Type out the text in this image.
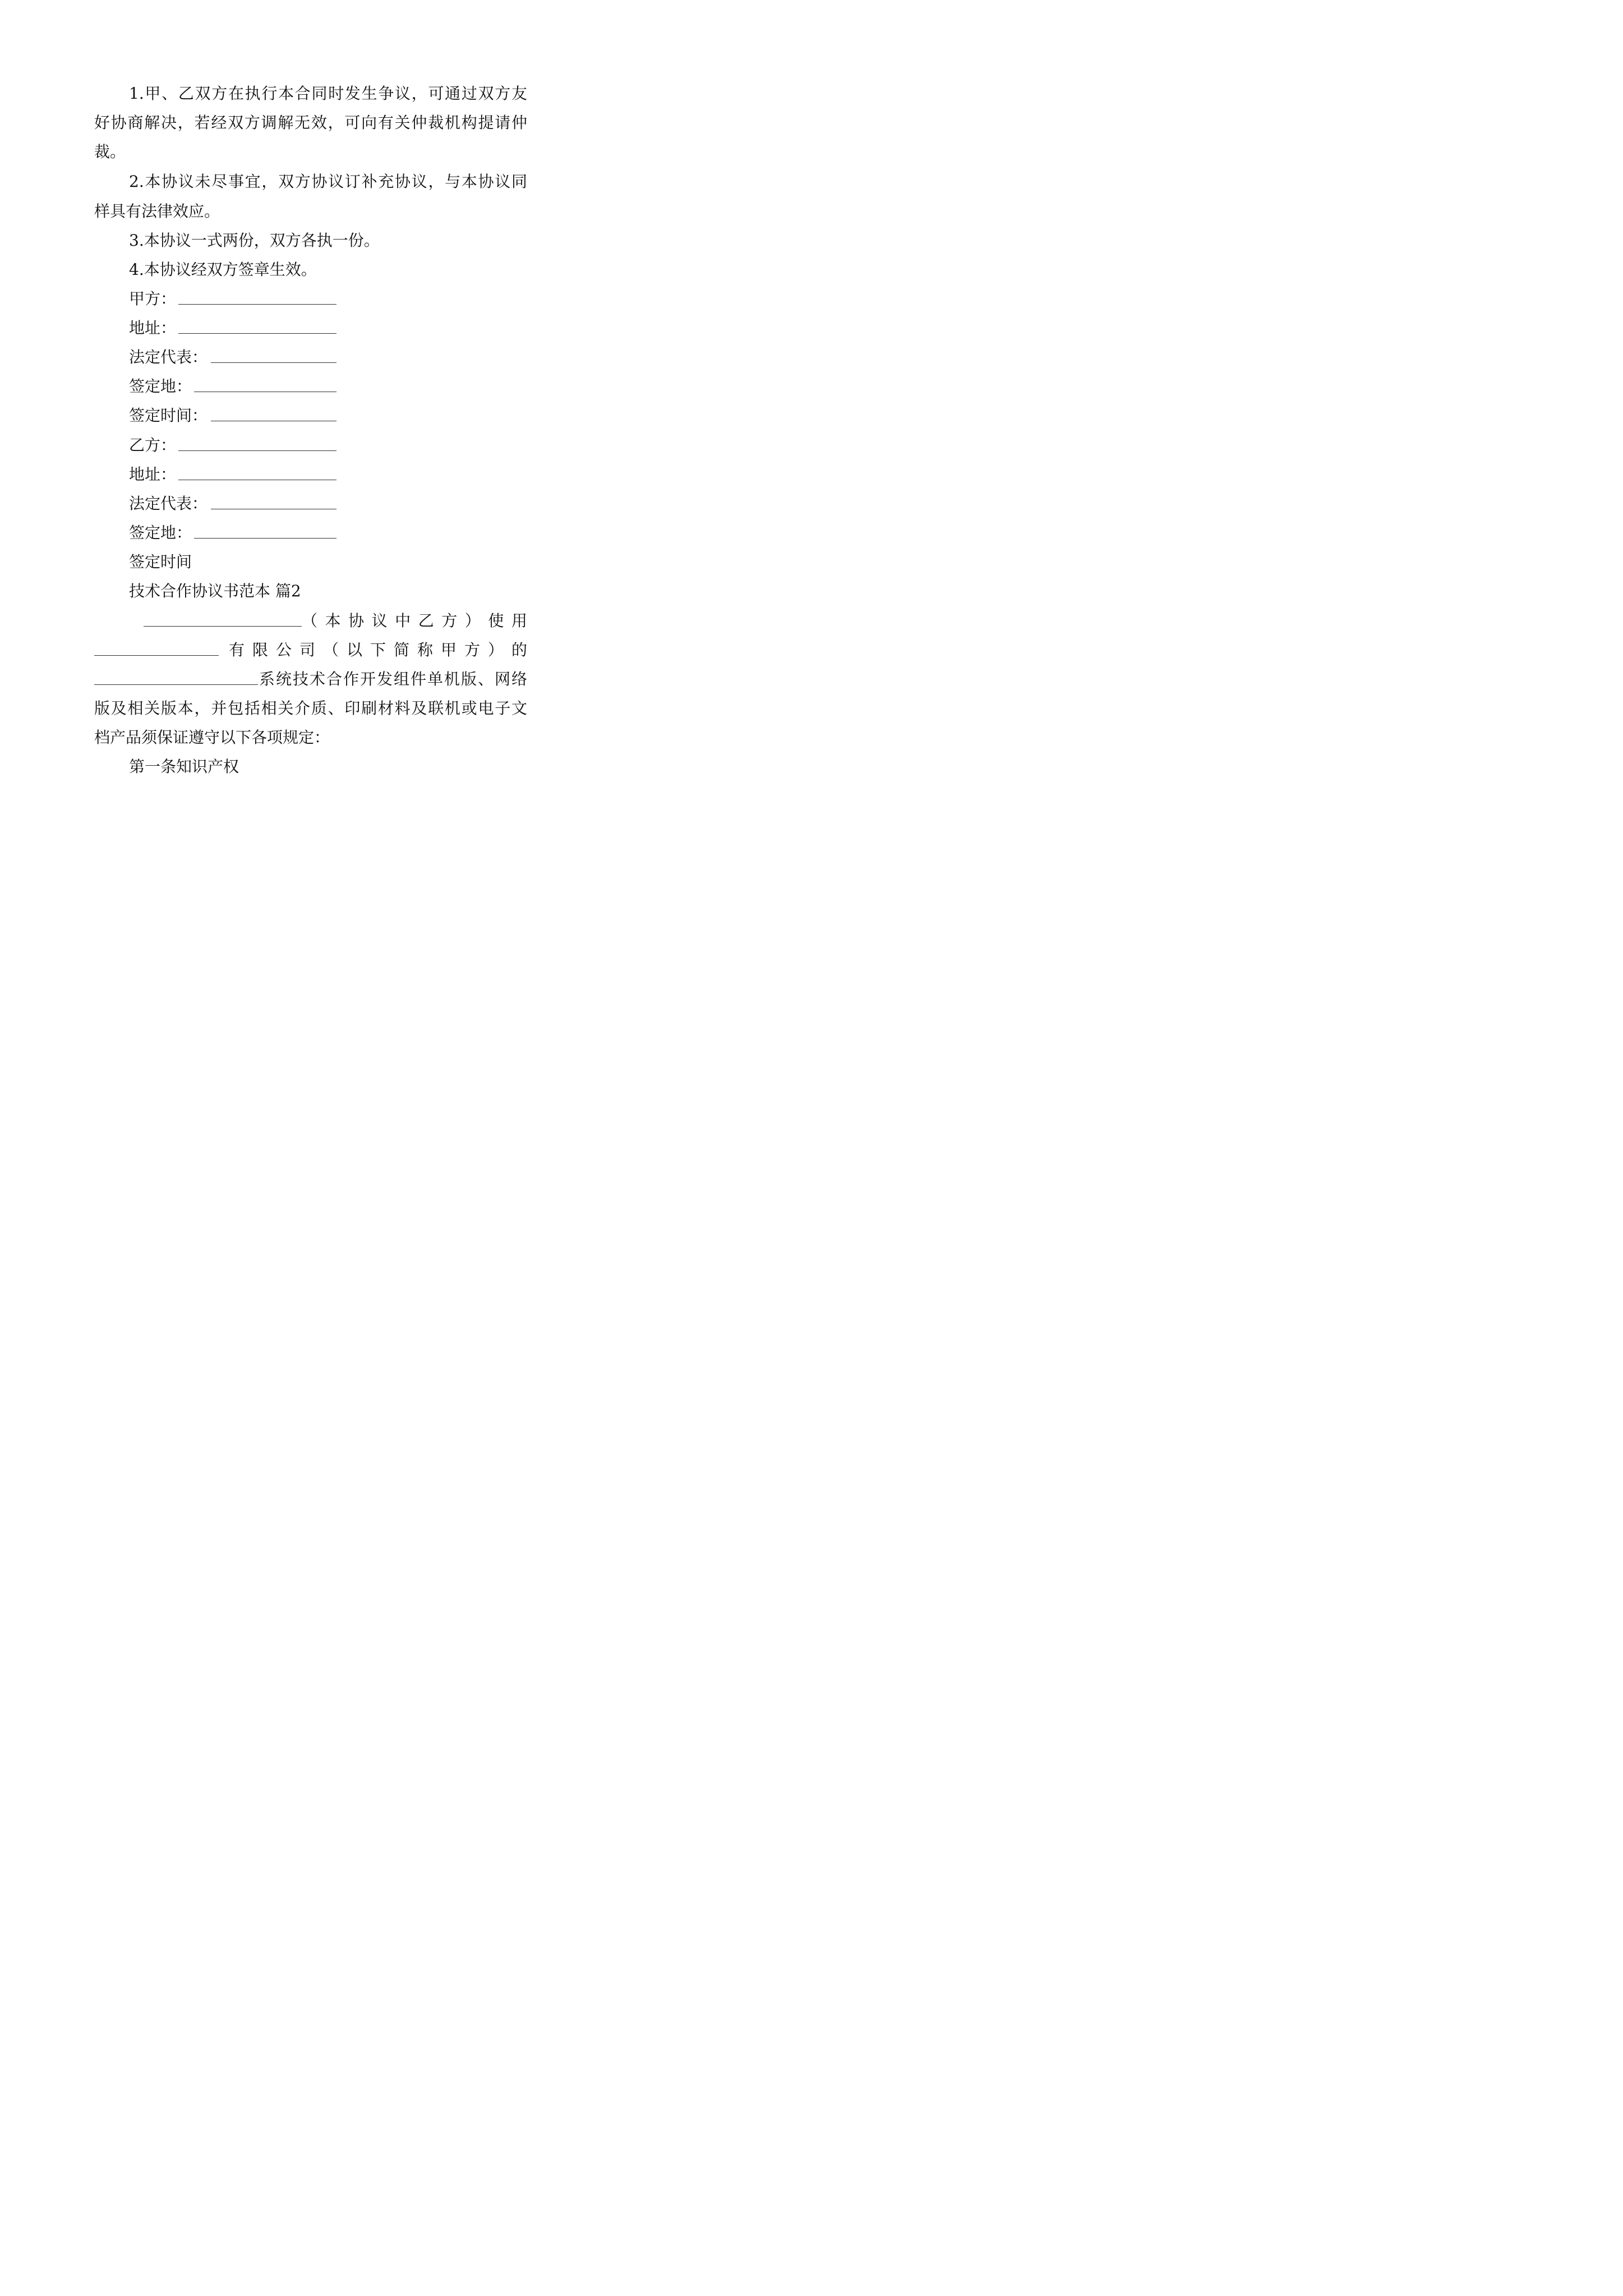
1.甲、乙双方在执行本合同时发生争议，可通过双方友
好协商解决，若经双方调解无效，可向有关仲裁机构提请仲
裁。
2.本协议未尽事宜，双方协议订补充协议，与本协议同
样具有法律效应。
3.本协议一式两份，双方各执一份。
4.本协议经双方签章生效。
甲方：
地址：
法定代表：
签定地：
签定时间：
乙方：
地址：
法定代表：
签定地：
签定时间
技术合作协议书范本 篇2
（本协议中乙方）使用
有限公司（以下简称甲方）的
系统技术合作开发组件单机版、网络
版及相关版本，并包括相关介质、印刷材料及联机或电子文
档产品须保证遵守以下各项规定：
第一条知识产权
